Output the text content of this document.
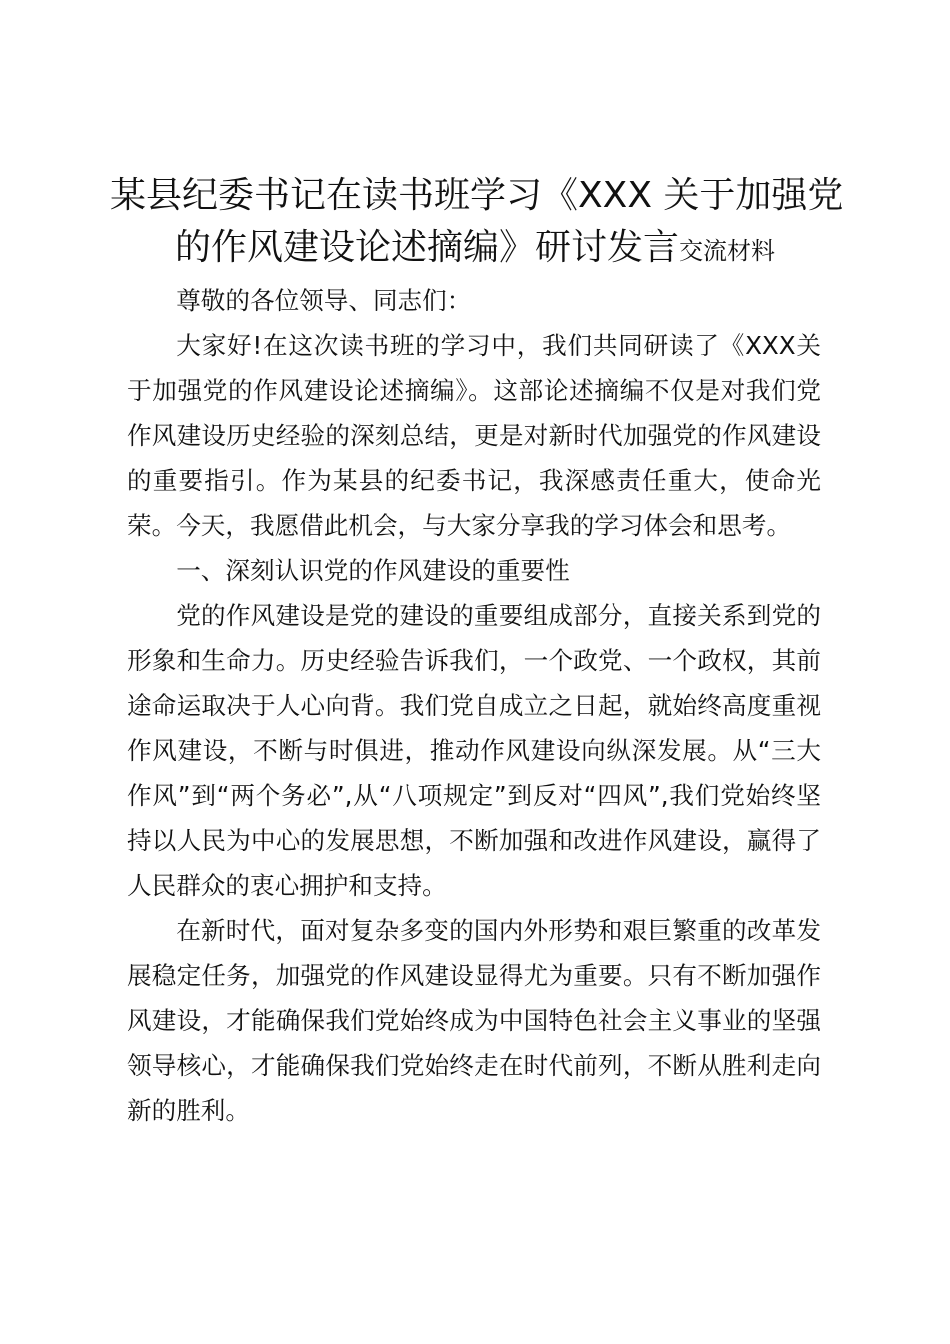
某县纪委书记在读书班学习《XXX 关于加强党
的作风建设论述摘编》研讨发言交流材料

尊敬的各位领导、同志们：

大家好!在这次读书班的学习中，我们共同研读了《XXX关于加强党的作风建设论述摘编》。这部论述摘编不仅是对我们党作风建设历史经验的深刻总结，更是对新时代加强党的作风建设的重要指引。作为某县的纪委书记，我深感责任重大，使命光荣。今天，我愿借此机会，与大家分享我的学习体会和思考。

一、深刻认识党的作风建设的重要性

党的作风建设是党的建设的重要组成部分，直接关系到党的形象和生命力。历史经验告诉我们，一个政党、一个政权，其前途命运取决于人心向背。我们党自成立之日起，就始终高度重视作风建设，不断与时俱进，推动作风建设向纵深发展。从“三大作风”到“两个务必”,从“八项规定”到反对“四风”,我们党始终坚持以人民为中心的发展思想，不断加强和改进作风建设，赢得了人民群众的衷心拥护和支持。

在新时代，面对复杂多变的国内外形势和艰巨繁重的改革发展稳定任务，加强党的作风建设显得尤为重要。只有不断加强作风建设，才能确保我们党始终成为中国特色社会主义事业的坚强领导核心，才能确保我们党始终走在时代前列，不断从胜利走向新的胜利。
